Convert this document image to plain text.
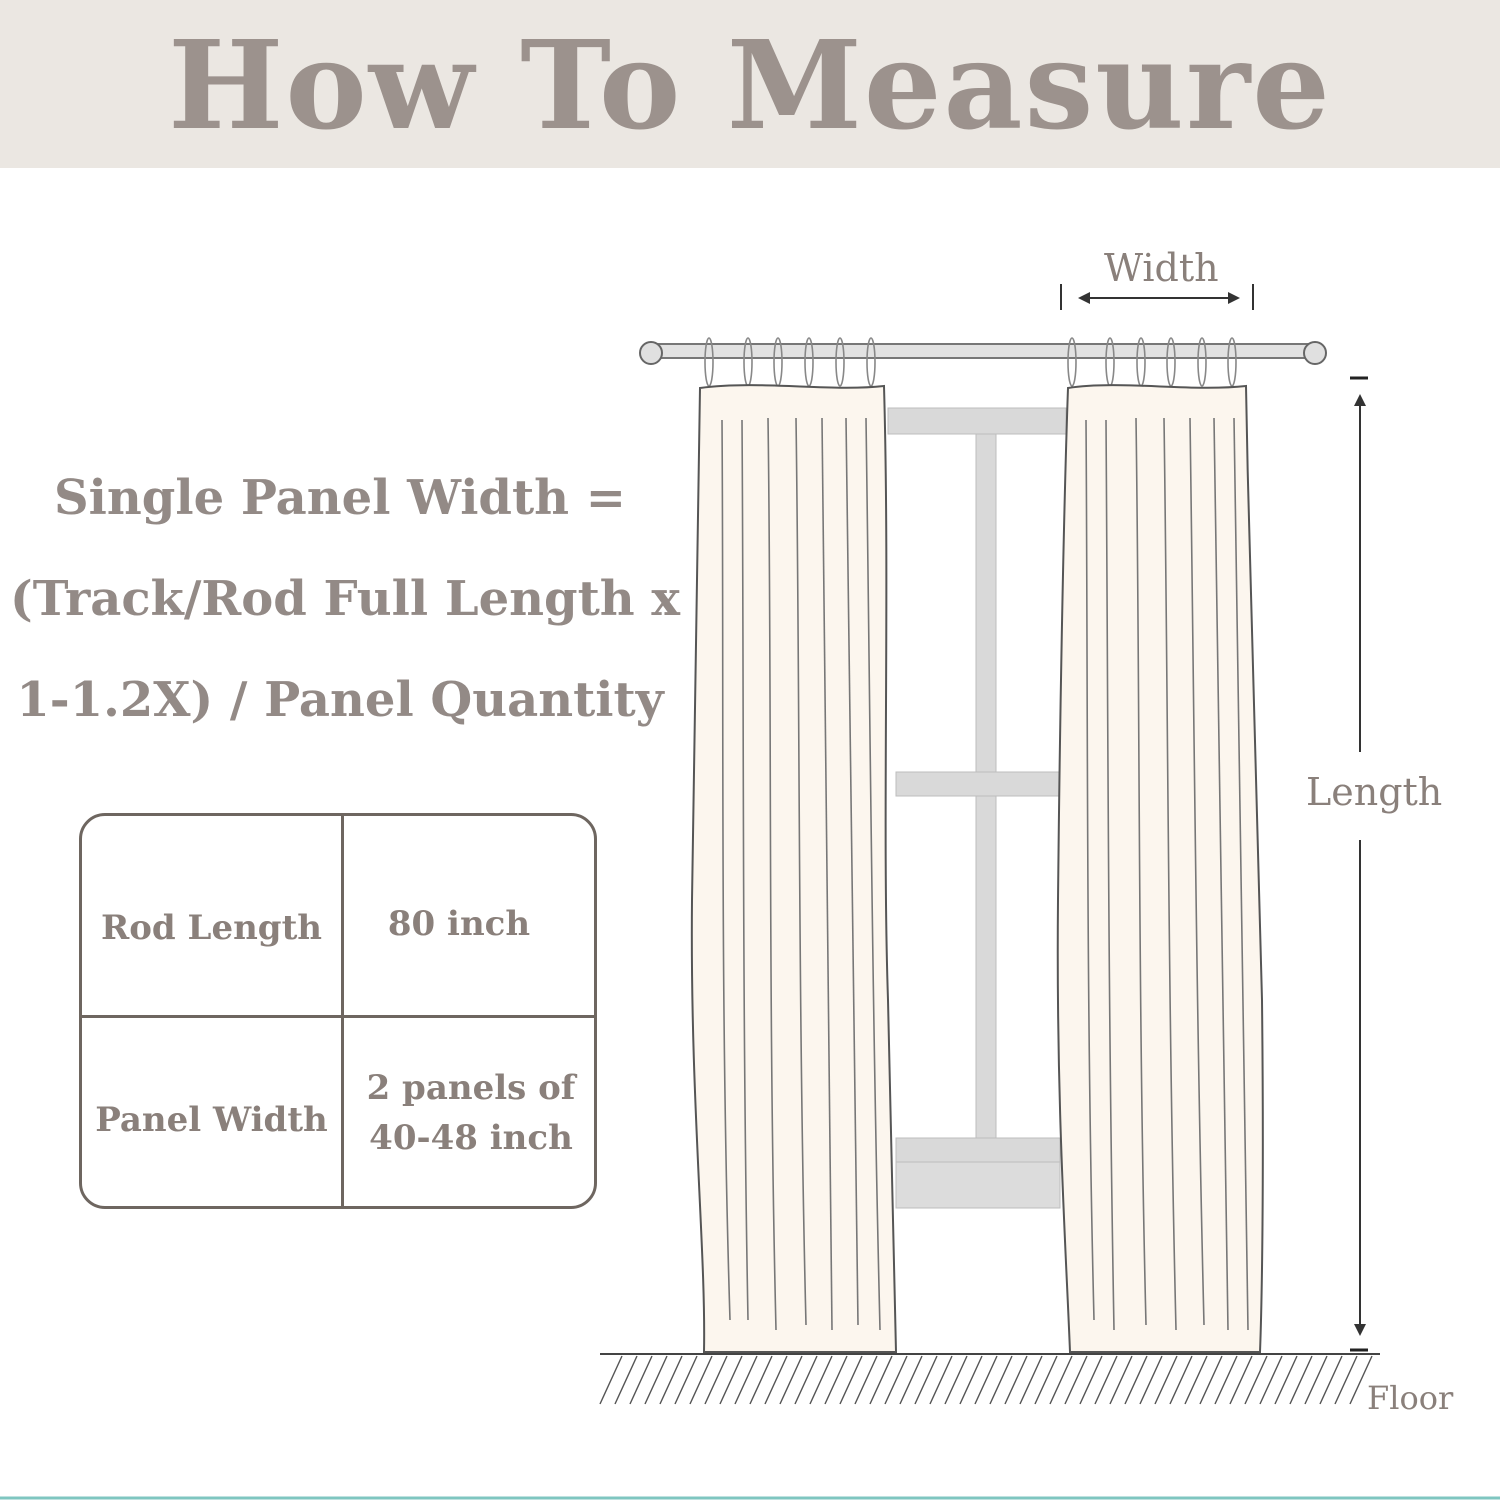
How To Measure
Single Panel Width =
(Track/Rod Full Length x
1-1.2X) / Panel Quantity
Rod Length	80 inch
Panel Width
2 panels of
40-48 inch
Width
Length
Floor
